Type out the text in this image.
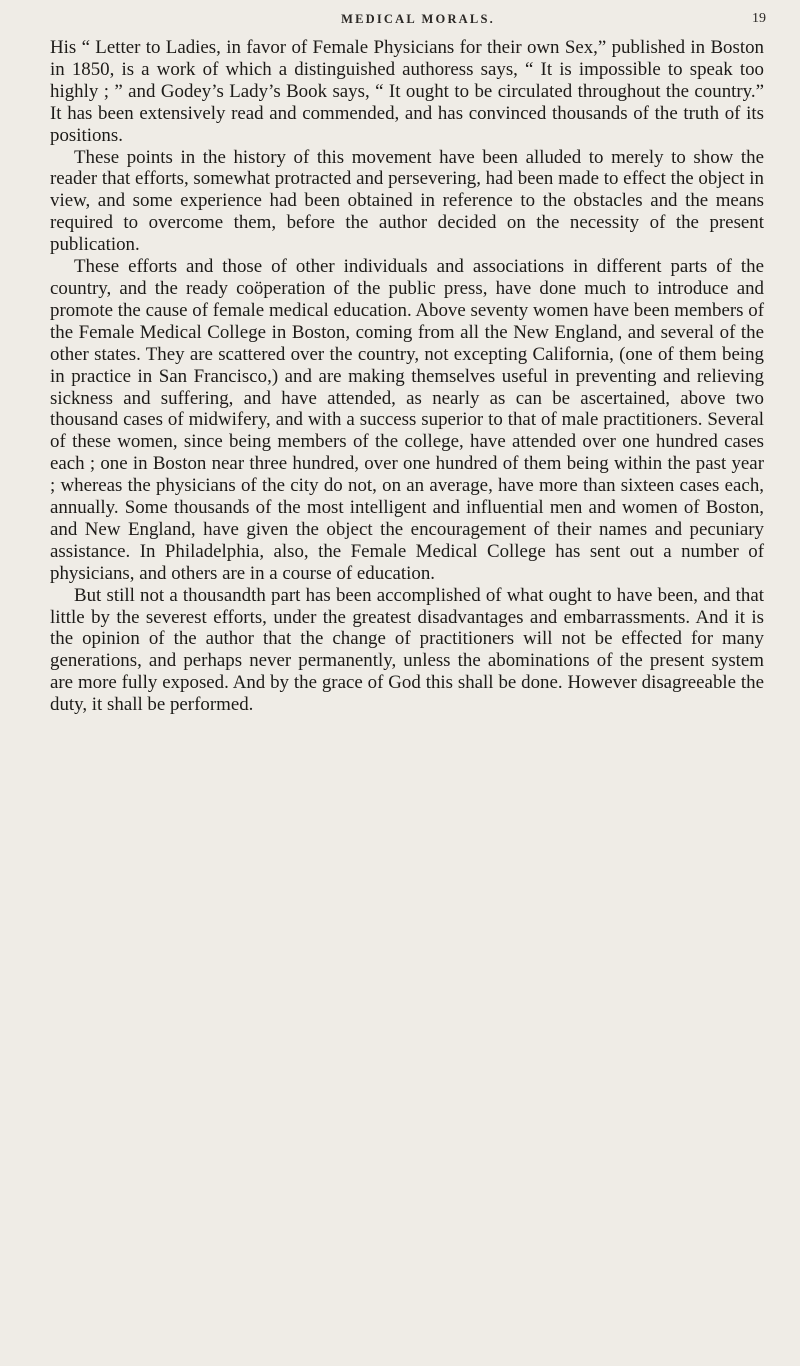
MEDICAL MORALS.	19

His “ Letter to Ladies, in favor of Female Physicians for their own Sex,” published in Boston in 1850, is a work of which a distinguished authoress says, “ It is impossible to speak too highly ; ” and Godey’s Lady’s Book says, “ It ought to be circulated throughout the country.” It has been extensively read and commended, and has convinced thousands of the truth of its positions.

These points in the history of this movement have been alluded to merely to show the reader that efforts, somewhat protracted and persevering, had been made to effect the object in view, and some experience had been obtained in reference to the obstacles and the means required to overcome them, before the author decided on the necessity of the present publication.

These efforts and those of other individuals and associations in different parts of the country, and the ready coöperation of the public press, have done much to introduce and promote the cause of female medical education. Above seventy women have been members of the Female Medical College in Boston, coming from all the New England, and several of the other states. They are scattered over the country, not excepting California, (one of them being in practice in San Francisco,) and are making themselves useful in preventing and relieving sickness and suffering, and have attended, as nearly as can be ascertained, above two thousand cases of midwifery, and with a success superior to that of male practitioners. Several of these women, since being members of the college, have attended over one hundred cases each ; one in Boston near three hundred, over one hundred of them being within the past year ; whereas the physicians of the city do not, on an average, have more than sixteen cases each, annually. Some thousands of the most intelligent and influential men and women of Boston, and New England, have given the object the encouragement of their names and pecuniary assistance. In Philadelphia, also, the Female Medical College has sent out a number of physicians, and others are in a course of education.

But still not a thousandth part has been accomplished of what ought to have been, and that little by the severest efforts, under the greatest disadvantages and embarrassments. And it is the opinion of the author that the change of practitioners will not be effected for many generations, and perhaps never permanently, unless the abominations of the present system are more fully exposed. And by the grace of God this shall be done. However disagreeable the duty, it shall be performed.
